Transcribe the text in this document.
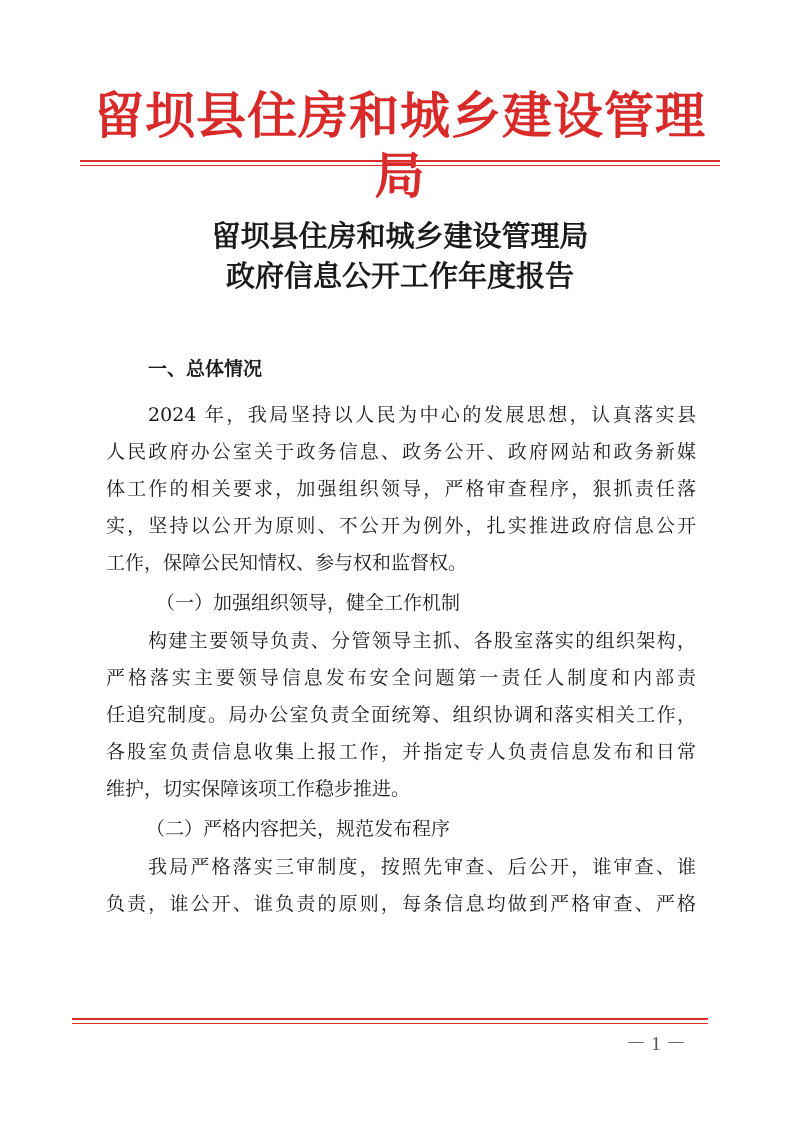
留坝县住房和城乡建设管理局
留坝县住房和城乡建设管理局
政府信息公开工作年度报告
一、总体情况
2024 年，我局坚持以人民为中心的发展思想，认真落实县
人民政府办公室关于政务信息、政务公开、政府网站和政务新媒
体工作的相关要求，加强组织领导，严格审查程序，狠抓责任落
实，坚持以公开为原则、不公开为例外，扎实推进政府信息公开
工作，保障公民知情权、参与权和监督权。
（一）加强组织领导，健全工作机制
构建主要领导负责、分管领导主抓、各股室落实的组织架构，
严格落实主要领导信息发布安全问题第一责任人制度和内部责
任追究制度。局办公室负责全面统筹、组织协调和落实相关工作，
各股室负责信息收集上报工作，并指定专人负责信息发布和日常
维护，切实保障该项工作稳步推进。
（二）严格内容把关，规范发布程序
我局严格落实三审制度，按照先审查、后公开，谁审查、谁
负责，谁公开、谁负责的原则，每条信息均做到严格审查、严格
－ 1 －
